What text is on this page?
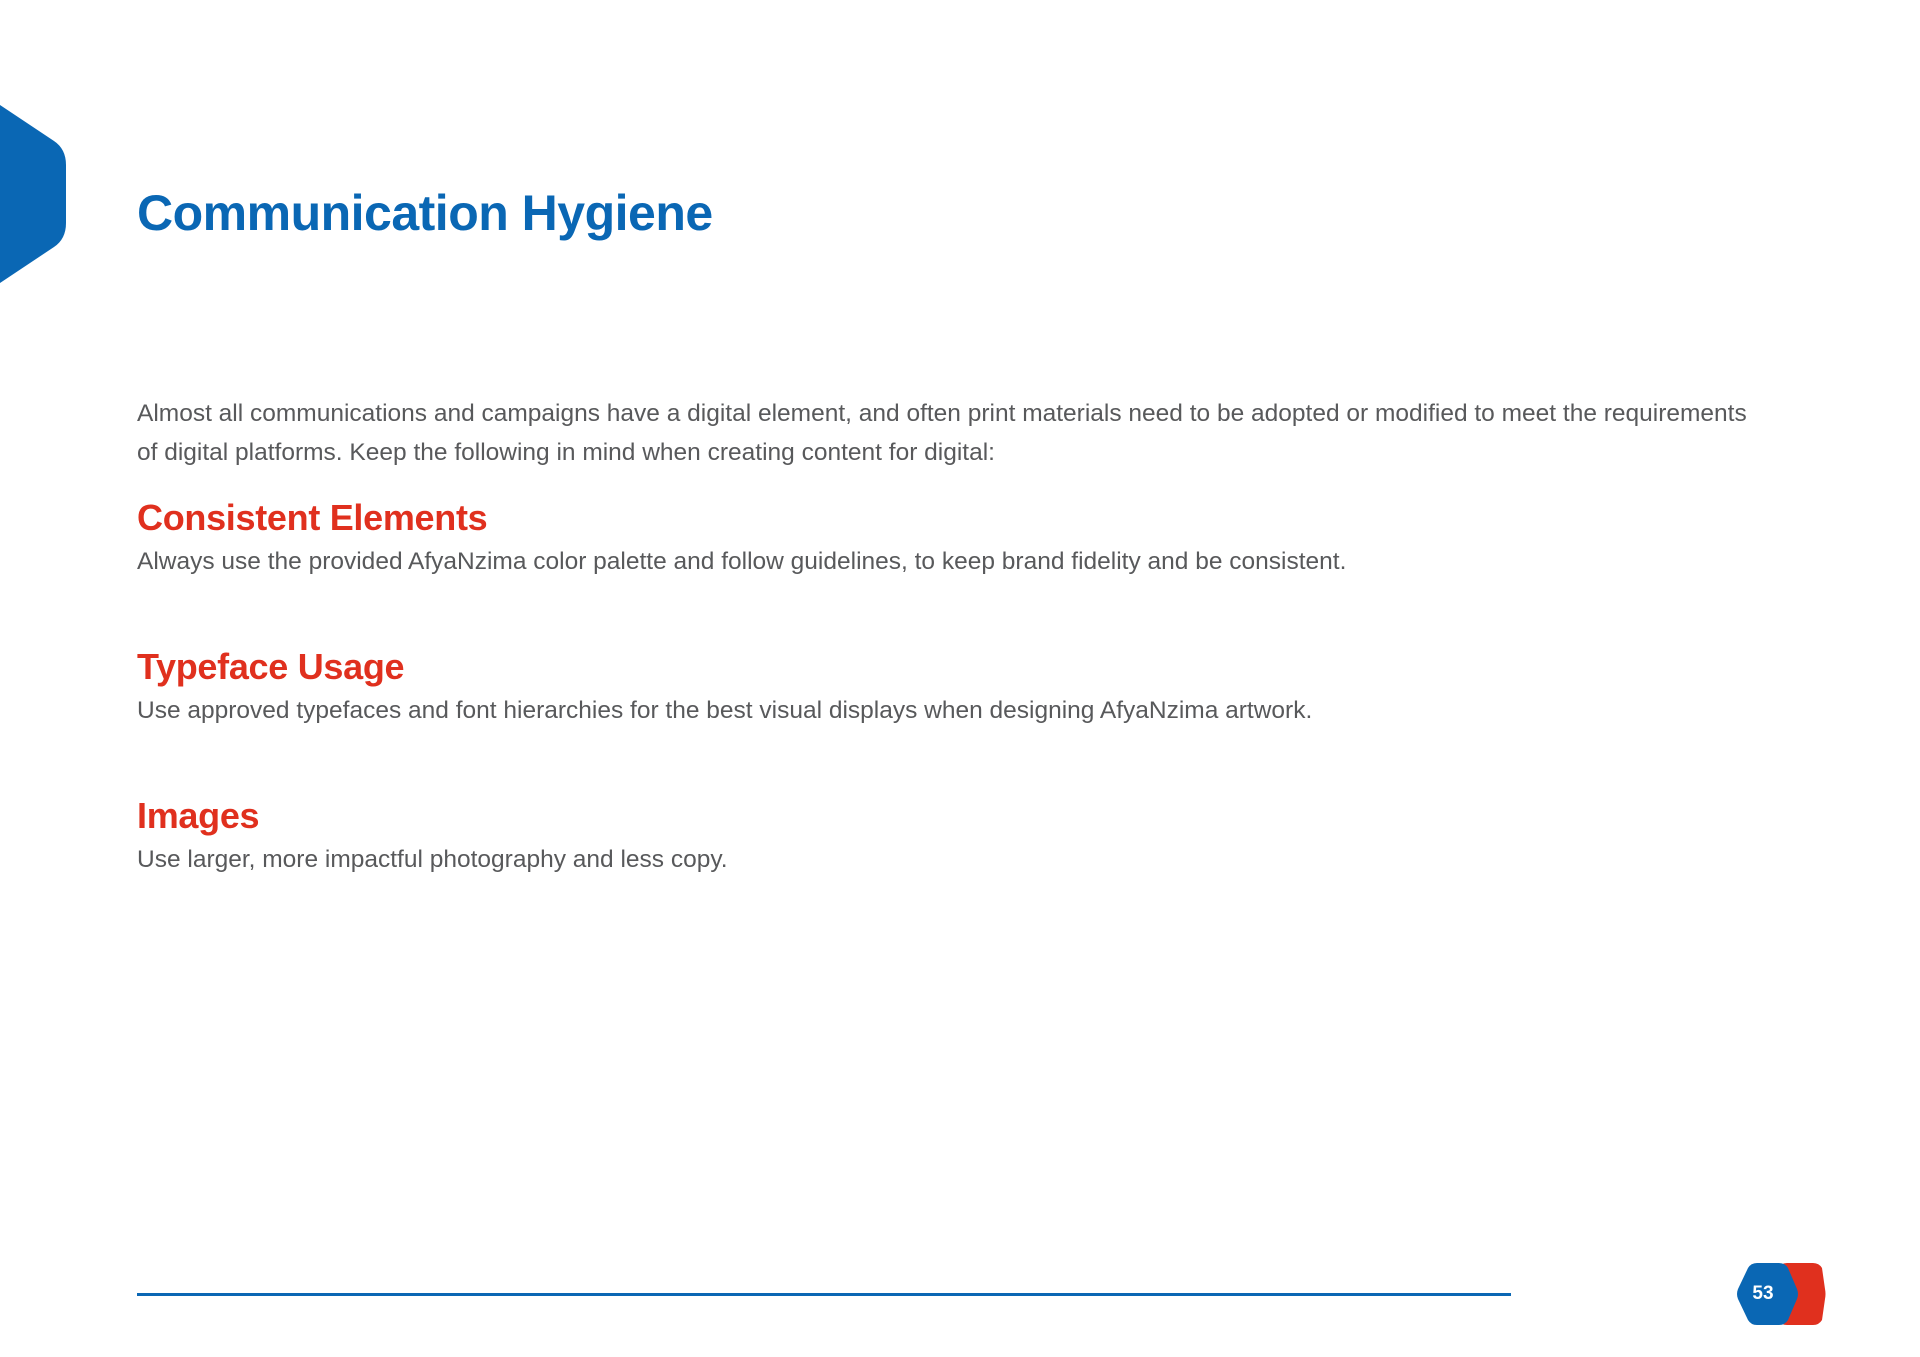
Communication Hygiene

Almost all communications and campaigns have a digital element, and often print materials need to be adopted or modified to meet the requirements of digital platforms. Keep the following in mind when creating content for digital:

Consistent Elements

Always use the provided AfyaNzima color palette and follow guidelines, to keep brand fidelity and be consistent.

Typeface Usage

Use approved typefaces and font hierarchies for the best visual displays when designing AfyaNzima artwork.

Images

Use larger, more impactful photography and less copy.

53
